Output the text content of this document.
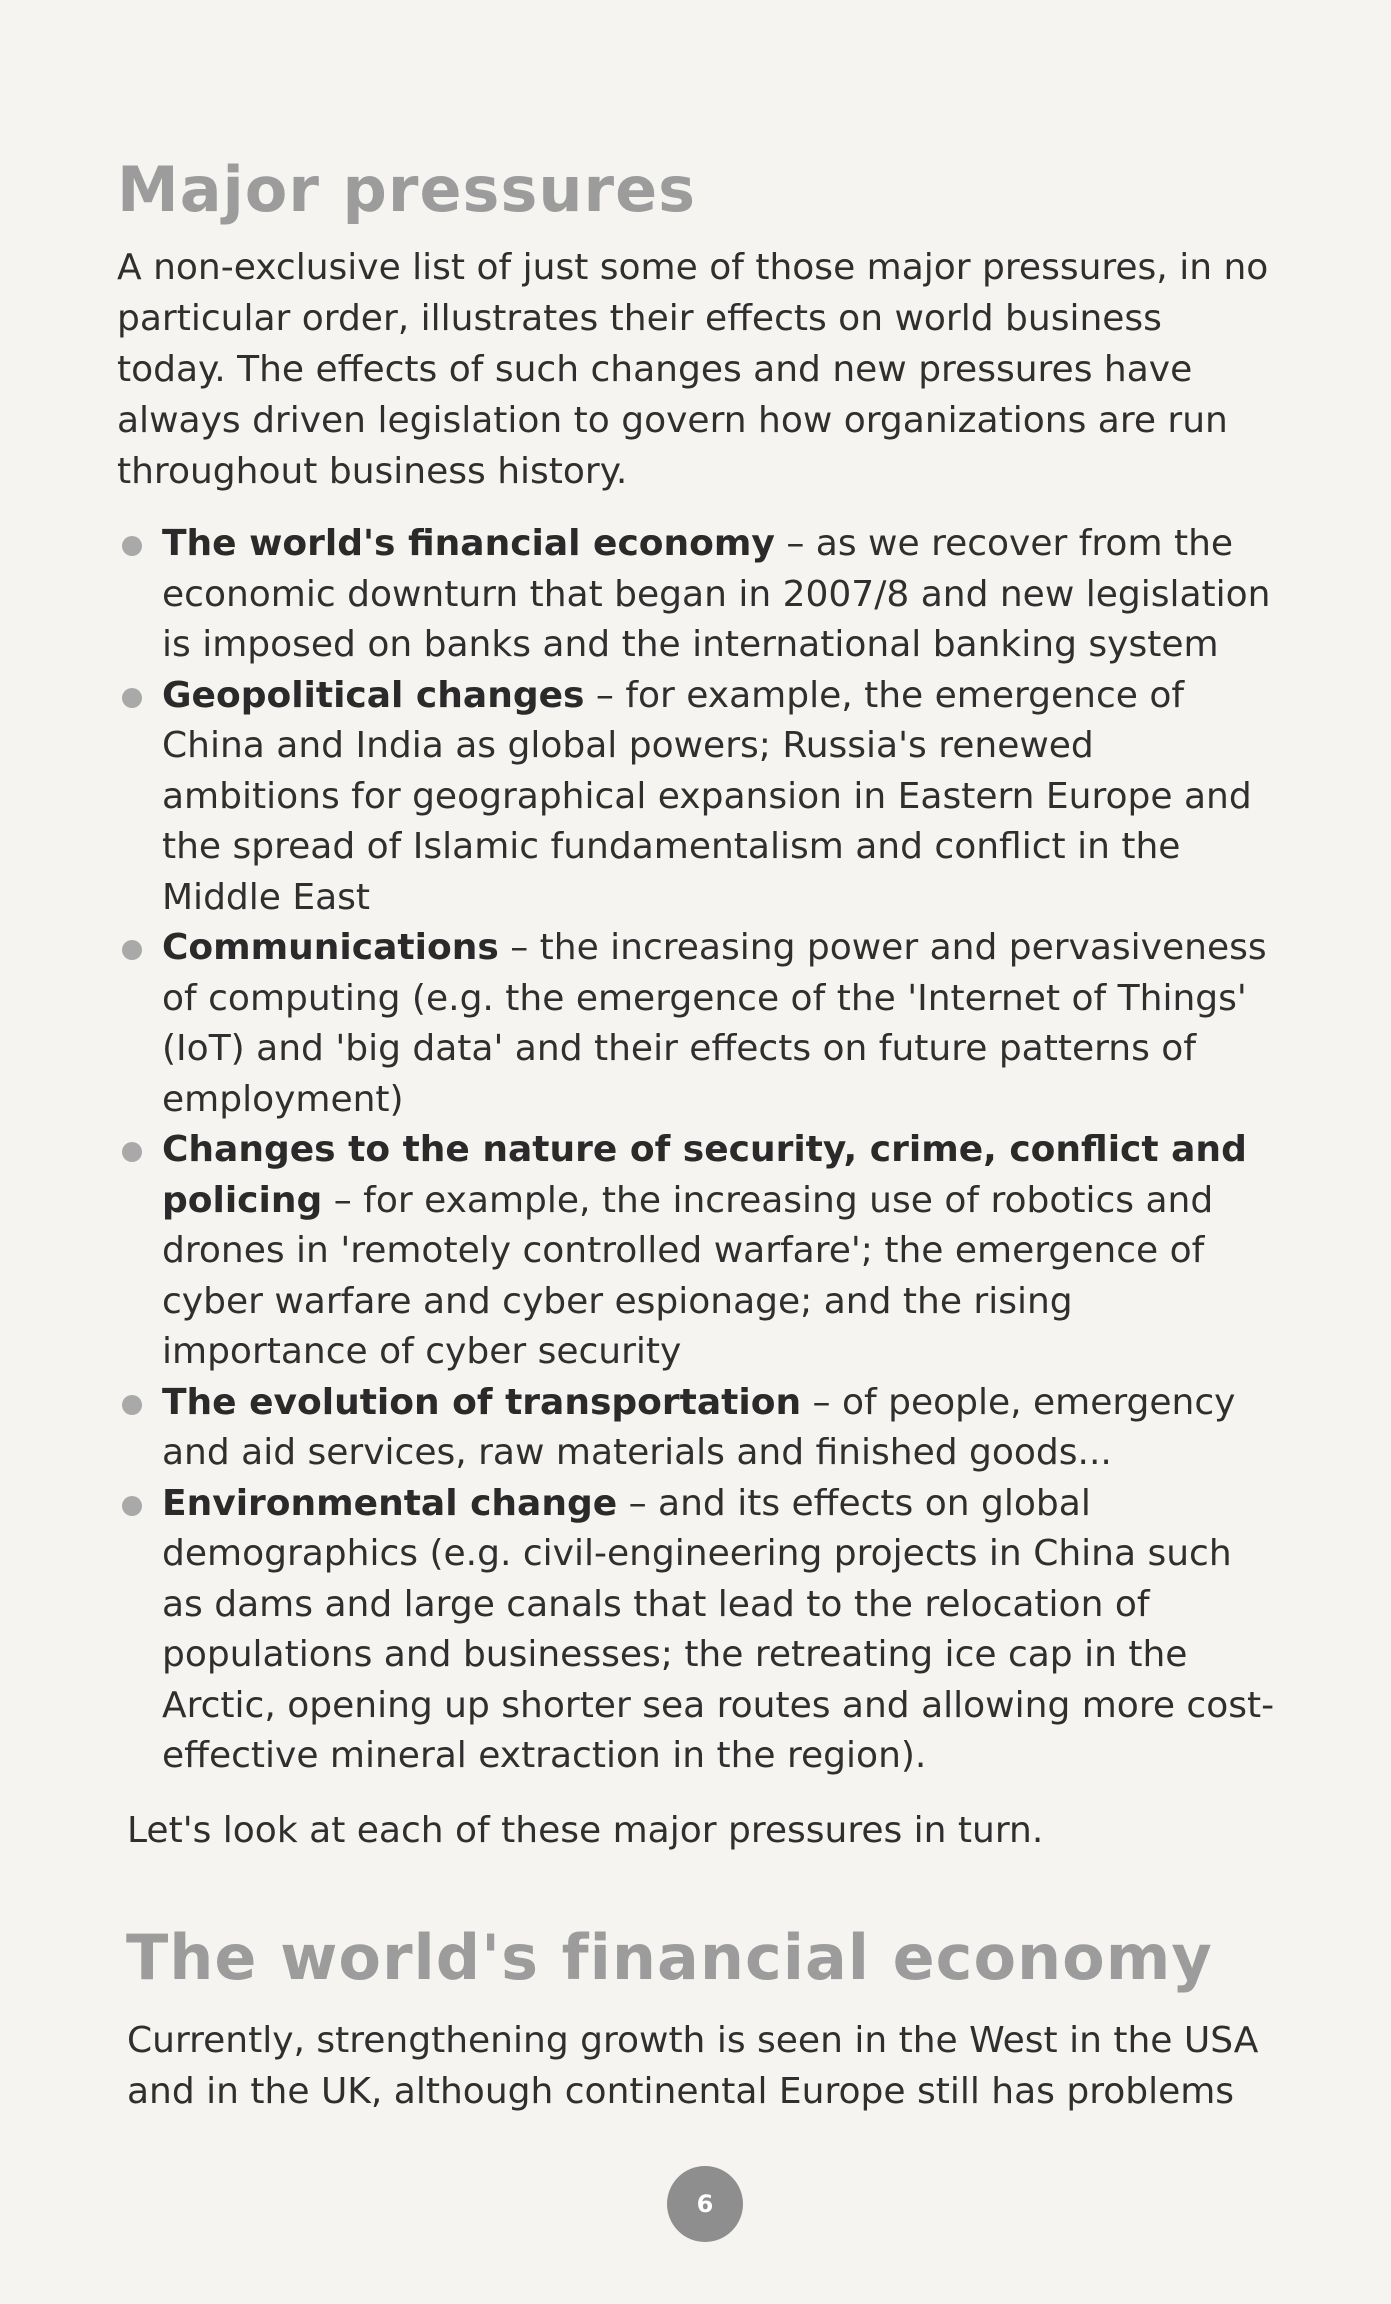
Major pressures

A non-exclusive list of just some of those major pressures, in no particular order, illustrates their effects on world business today. The effects of such changes and new pressures have always driven legislation to govern how organizations are run throughout business history.

The world's financial economy – as we recover from the economic downturn that began in 2007/8 and new legislation is imposed on banks and the international banking system
Geopolitical changes – for example, the emergence of China and India as global powers; Russia's renewed ambitions for geographical expansion in Eastern Europe and the spread of Islamic fundamentalism and conflict in the Middle East
Communications – the increasing power and pervasiveness of computing (e.g. the emergence of the 'Internet of Things' (IoT) and 'big data' and their effects on future patterns of employment)
Changes to the nature of security, crime, conflict and policing – for example, the increasing use of robotics and drones in 'remotely controlled warfare'; the emergence of cyber warfare and cyber espionage; and the rising importance of cyber security
The evolution of transportation – of people, emergency and aid services, raw materials and finished goods...
Environmental change – and its effects on global demographics (e.g. civil-engineering projects in China such as dams and large canals that lead to the relocation of populations and businesses; the retreating ice cap in the Arctic, opening up shorter sea routes and allowing more cost-effective mineral extraction in the region).

Let's look at each of these major pressures in turn.

The world's financial economy

Currently, strengthening growth is seen in the West in the USA and in the UK, although continental Europe still has problems

6
